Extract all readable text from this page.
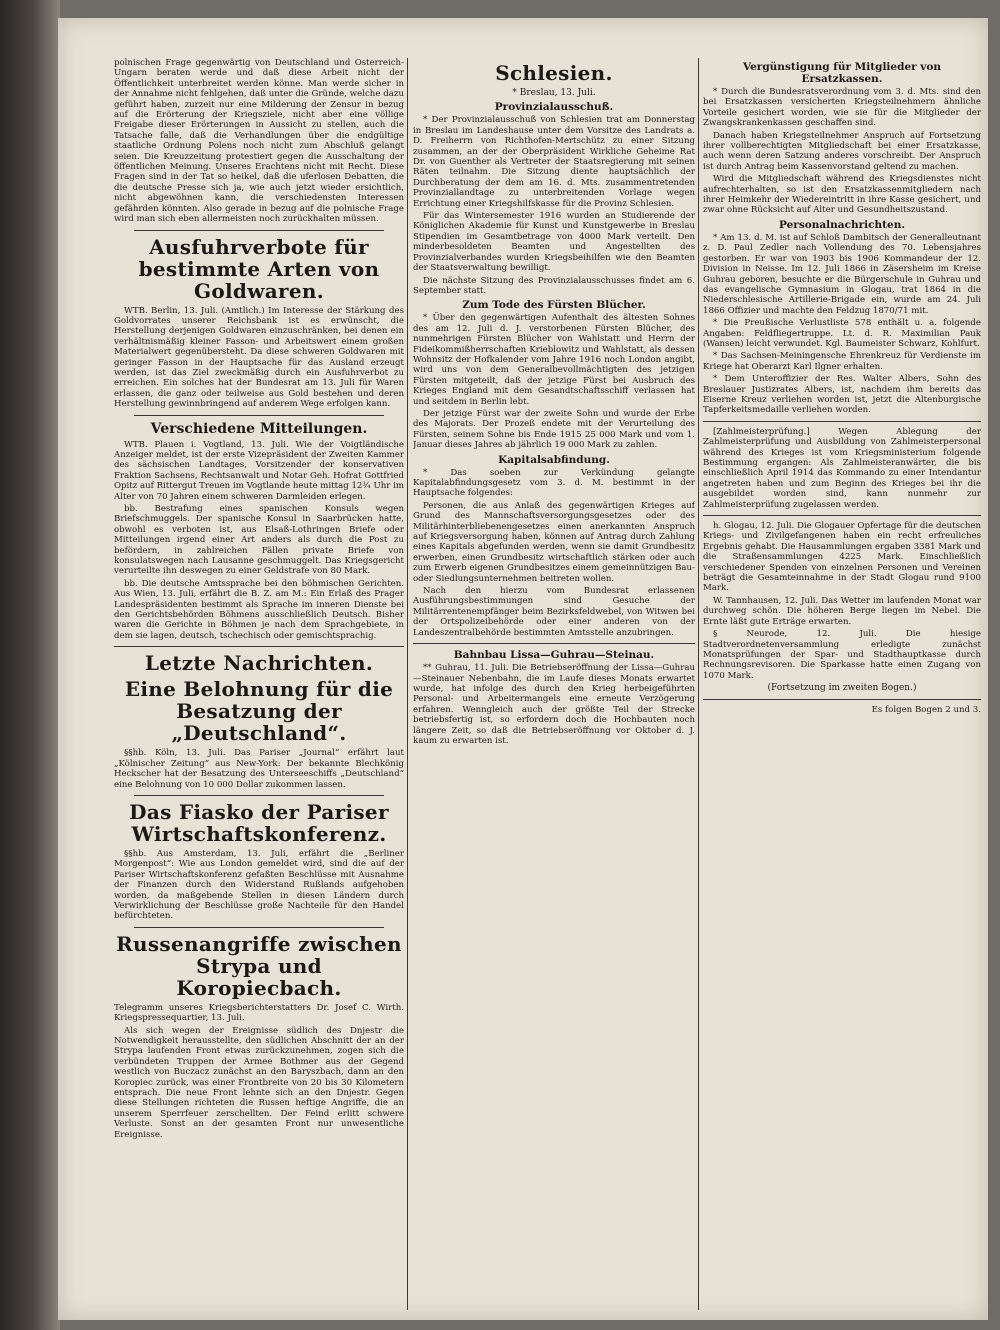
polnischen Frage gegenwärtig von Deutschland und Österreich-Ungarn beraten werde und daß diese Arbeit nicht der Öffentlichkeit unterbreitet werden könne. Man werde sicher in der Annahme nicht fehlgehen, daß unter die Gründe, welche dazu geführt haben, zurzeit nur eine Milderung der Zensur in bezug auf die Erörterung der Kriegsziele, nicht aber eine völlige Freigabe dieser Erörterungen in Aussicht zu stellen, auch die Tatsache falle, daß die Verhandlungen über die endgültige staatliche Ordnung Polens noch nicht zum Abschluß gelangt seien. Die Kreuzzeitung protestiert gegen die Ausschaltung der öffentlichen Meinung. Unseres Erachtens nicht mit Recht. Diese Fragen sind in der Tat so heikel, daß die uferlosen Debatten, die die deutsche Presse sich ja, wie auch jetzt wieder ersichtlich, nicht abgewöhnen kann, die verschiedensten Interessen gefährden könnten. Also gerade in bezug auf die polnische Frage wird man sich eben allermeisten noch zurückhalten müssen.

Ausfuhrverbote für bestimmte Arten von Goldwaren.

WTB. Berlin, 13. Juli. (Amtlich.) Im Interesse der Stärkung des Goldvorrates unserer Reichsbank ist es erwünscht, die Herstellung derjenigen Goldwaren einzuschränken, bei denen ein verhältnismäßig kleiner Fasson- und Arbeitswert einem großen Materialwert gegenübersteht. Da diese schweren Goldwaren mit geringer Fasson in der Hauptsache für das Ausland erzeugt werden, ist das Ziel zweckmäßig durch ein Ausfuhrverbot zu erreichen. Ein solches hat der Bundesrat am 13. Juli für Waren erlassen, die ganz oder teilweise aus Gold bestehen und deren Herstellung gewinnbringend auf anderem Wege erfolgen kann.

Verschiedene Mitteilungen.

WTB. Plauen i. Vogtland, 13. Juli. Wie der Voigtländische Anzeiger meldet, ist der erste Vizepräsident der Zweiten Kammer des sächsischen Landtages, Vorsitzender der konservativen Fraktion Sachsens, Rechtsanwalt und Notar Geh. Hofrat Gottfried Opitz auf Rittergut Treuen im Vogtlande heute mittag 12¾ Uhr im Alter von 70 Jahren einem schweren Darmleiden erlegen.

bb. Bestrafung eines spanischen Konsuls wegen Briefschmuggels. Der spanische Konsul in Saarbrücken hatte, obwohl es verboten ist, aus Elsaß-Lothringen Briefe oder Mitteilungen irgend einer Art anders als durch die Post zu befördern, in zahlreichen Fällen private Briefe von konsulatswegen nach Lausanne geschmuggelt. Das Kriegsgericht verurteilte ihn deswegen zu einer Geldstrafe von 80 Mark.

bb. Die deutsche Amtssprache bei den böhmischen Gerichten. Aus Wien, 13. Juli, erfährt die B. Z. am M.: Ein Erlaß des Prager Landespräsidenten bestimmt als Sprache im inneren Dienste bei den Gerichtsbehörden Böhmens ausschließlich Deutsch. Bisher waren die Gerichte in Böhmen je nach dem Sprachgebiete, in dem sie lagen, deutsch, tschechisch oder gemischtsprachig.

Letzte Nachrichten.
Eine Belohnung für die Besatzung der „Deutschland“.

§§hb. Köln, 13. Juli. Das Pariser „Journal“ erfährt laut „Kölnischer Zeitung“ aus New-York: Der bekannte Blechkönig Heckscher hat der Besatzung des Unterseeschiffs „Deutschland“ eine Belohnung von 10 000 Dollar zukommen lassen.

Das Fiasko der Pariser Wirtschaftskonferenz.

§§hb. Aus Amsterdam, 13. Juli, erfährt die „Berliner Morgenpost“: Wie aus London gemeldet wird, sind die auf der Pariser Wirtschaftskonferenz gefaßten Beschlüsse mit Ausnahme der Finanzen durch den Widerstand Rußlands aufgehoben worden, da maßgebende Stellen in diesen Ländern durch Verwirklichung der Beschlüsse große Nachteile für den Handel befürchteten.

Russenangriffe zwischen Strypa und Koropiecbach.

Telegramm unseres Kriegsberichterstatters Dr. Josef C. Wirth. Kriegspressequartier, 13. Juli.

Als sich wegen der Ereignisse südlich des Dnjestr die Notwendigkeit herausstellte, den südlichen Abschnitt der an der Strypa laufenden Front etwas zurückzunehmen, zogen sich die verbündeten Truppen der Armee Bothmer aus der Gegend westlich von Buczacz zunächst an den Baryszbach, dann an den Koropiec zurück, was einer Frontbreite von 20 bis 30 Kilometern entsprach. Die neue Front lehnte sich an den Dnjestr. Gegen diese Stellungen richteten die Russen heftige Angriffe, die an unserem Sperrfeuer zerschellten. Der Feind erlitt schwere Verluste. Sonst an der gesamten Front nur unwesentliche Ereignisse.

Schlesien.
* Breslau, 13. Juli.
Provinzialausschuß.

* Der Provinzialausschuß von Schlesien trat am Donnerstag in Breslau im Landeshause unter dem Vorsitze des Landrats a. D. Freiherrn von Richthofen-Mertschütz zu einer Sitzung zusammen, an der der Oberpräsident Wirkliche Geheime Rat Dr. von Guenther als Vertreter der Staatsregierung mit seinen Räten teilnahm. Die Sitzung diente hauptsächlich der Durchberatung der dem am 16. d. Mts. zusammentretenden Provinziallandtage zu unterbreitenden Vorlage wegen Errichtung einer Kriegshilfskasse für die Provinz Schlesien.

Für das Wintersemester 1916 wurden an Studierende der Königlichen Akademie für Kunst und Kunstgewerbe in Breslau Stipendien im Gesamtbetrage von 4000 Mark verteilt. Den minderbesoldeten Beamten und Angestellten des Provinzialverbandes wurden Kriegsbeihilfen wie den Beamten der Staatsverwaltung bewilligt.

Die nächste Sitzung des Provinzialausschusses findet am 6. September statt.

Zum Tode des Fürsten Blücher.

* Über den gegenwärtigen Aufenthalt des ältesten Sohnes des am 12. Juli d. J. verstorbenen Fürsten Blücher, des nunmehrigen Fürsten Blücher von Wahlstatt und Herrn der Fideikommißherrschaften Krieblowitz und Wahlstatt, als dessen Wohnsitz der Hofkalender vom Jahre 1916 noch London angibt, wird uns von dem Generalbevollmächtigten des jetzigen Fürsten mitgeteilt, daß der jetzige Fürst bei Ausbruch des Krieges England mit dem Gesandtschaftsschiff verlassen hat und seitdem in Berlin lebt.

Der jetzige Fürst war der zweite Sohn und wurde der Erbe des Majorats. Der Prozeß endete mit der Verurteilung des Fürsten, seinem Sohne bis Ende 1915 25 000 Mark und vom 1. Januar dieses Jahres ab jährlich 19 000 Mark zu zahlen.

Kapitalsabfindung.

* Das soeben zur Verkündung gelangte Kapitalabfindungsgesetz vom 3. d. M. bestimmt in der Hauptsache folgendes:

Personen, die aus Anlaß des gegenwärtigen Krieges auf Grund des Mannschaftsversorgungsgesetzes oder des Militärhinterbliebenengesetzes einen anerkannten Anspruch auf Kriegsversorgung haben, können auf Antrag durch Zahlung eines Kapitals abgefunden werden, wenn sie damit Grundbesitz erwerben, einen Grundbesitz wirtschaftlich stärken oder auch zum Erwerb eigenen Grundbesitzes einem gemeinnützigen Bau- oder Siedlungsunternehmen beitreten wollen.

Nach den hierzu vom Bundesrat erlassenen Ausführungsbestimmungen sind Gesuche der Militärrentenempfänger beim Bezirksfeldwebel, von Witwen bei der Ortspolizeibehörde oder einer anderen von der Landeszentralbehörde bestimmten Amtsstelle anzubringen.

Bahnbau Lissa—Guhrau—Steinau.

** Guhrau, 11. Juli. Die Betriebseröffnung der Lissa—Guhrau—Steinauer Nebenbahn, die im Laufe dieses Monats erwartet wurde, hat infolge des durch den Krieg herbeigeführten Personal- und Arbeitermangels eine erneute Verzögerung erfahren. Wenngleich auch der größte Teil der Strecke betriebsfertig ist, so erfordern doch die Hochbauten noch längere Zeit, so daß die Betriebseröffnung vor Oktober d. J. kaum zu erwarten ist.

Vergünstigung für Mitglieder von Ersatzkassen.

* Durch die Bundesratsverordnung vom 3. d. Mts. sind den bei Ersatzkassen versicherten Kriegsteilnehmern ähnliche Vorteile gesichert worden, wie sie für die Mitglieder der Zwangskrankenkassen geschaffen sind.

Danach haben Kriegsteilnehmer Anspruch auf Fortsetzung ihrer vollberechtigten Mitgliedschaft bei einer Ersatzkasse, auch wenn deren Satzung anderes vorschreibt. Der Anspruch ist durch Antrag beim Kassenvorstand geltend zu machen.

Wird die Mitgliedschaft während des Kriegsdienstes nicht aufrechterhalten, so ist den Ersatzkassenmitgliedern nach ihrer Heimkehr der Wiedereintritt in ihre Kasse gesichert, und zwar ohne Rücksicht auf Alter und Gesundheitszustand.

Personalnachrichten.

* Am 13. d. M. ist auf Schloß Dambitsch der Generalleutnant z. D. Paul Zedler nach Vollendung des 70. Lebensjahres gestorben. Er war von 1903 bis 1906 Kommandeur der 12. Division in Neisse. Im 12. Juli 1866 in Zäsersheim im Kreise Guhrau geboren, besuchte er die Bürgerschule in Guhrau und das evangelische Gymnasium in Glogau, trat 1864 in die Niederschlesische Artillerie-Brigade ein, wurde am 24. Juli 1866 Offizier und machte den Feldzug 1870/71 mit.

* Die Preußische Verlustliste 578 enthält u. a. folgende Angaben: Feldfliegertruppe. Lt. d. R. Maximilian Pauk (Wansen) leicht verwundet. Kgl. Baumeister Schwarz, Kohlfurt.

* Das Sachsen-Meiningensche Ehrenkreuz für Verdienste im Kriege hat Oberarzt Karl Ilgner erhalten.

* Dem Unteroffizier der Res. Walter Albers, Sohn des Breslauer Justizrates Albers, ist, nachdem ihm bereits das Eiserne Kreuz verliehen worden ist, jetzt die Altenburgische Tapferkeitsmedaille verliehen worden.

[Zahlmeisterprüfung.] Wegen Ablegung der Zahlmeisterprüfung und Ausbildung von Zahlmeisterpersonal während des Krieges ist vom Kriegsministerium folgende Bestimmung ergangen: Als Zahlmeisteranwärter, die bis einschließlich April 1914 das Kommando zu einer Intendantur angetreten haben und zum Beginn des Krieges bei ihr die ausgebildet worden sind, kann nunmehr zur Zahlmeisterprüfung zugelassen werden.

h. Glogau, 12. Juli. Die Glogauer Opfertage für die deutschen Kriegs- und Zivilgefangenen haben ein recht erfreuliches Ergebnis gehabt. Die Hausammlungen ergaben 3381 Mark und die Straßensammlungen 4225 Mark. Einschließlich verschiedener Spenden von einzelnen Personen und Vereinen beträgt die Gesamteinnahme in der Stadt Glogau rund 9100 Mark.

W. Tannhausen, 12. Juli. Das Wetter im laufenden Monat war durchweg schön. Die höheren Berge liegen im Nebel. Die Ernte läßt gute Erträge erwarten.

§ Neurode, 12. Juli. Die hiesige Stadtverordnetenversammlung erledigte zunächst Monatsprüfungen der Spar- und Stadthauptkasse durch Rechnungsrevisoren. Die Sparkasse hatte einen Zugang von 1070 Mark.

(Fortsetzung im zweiten Bogen.)
Es folgen Bogen 2 und 3.
